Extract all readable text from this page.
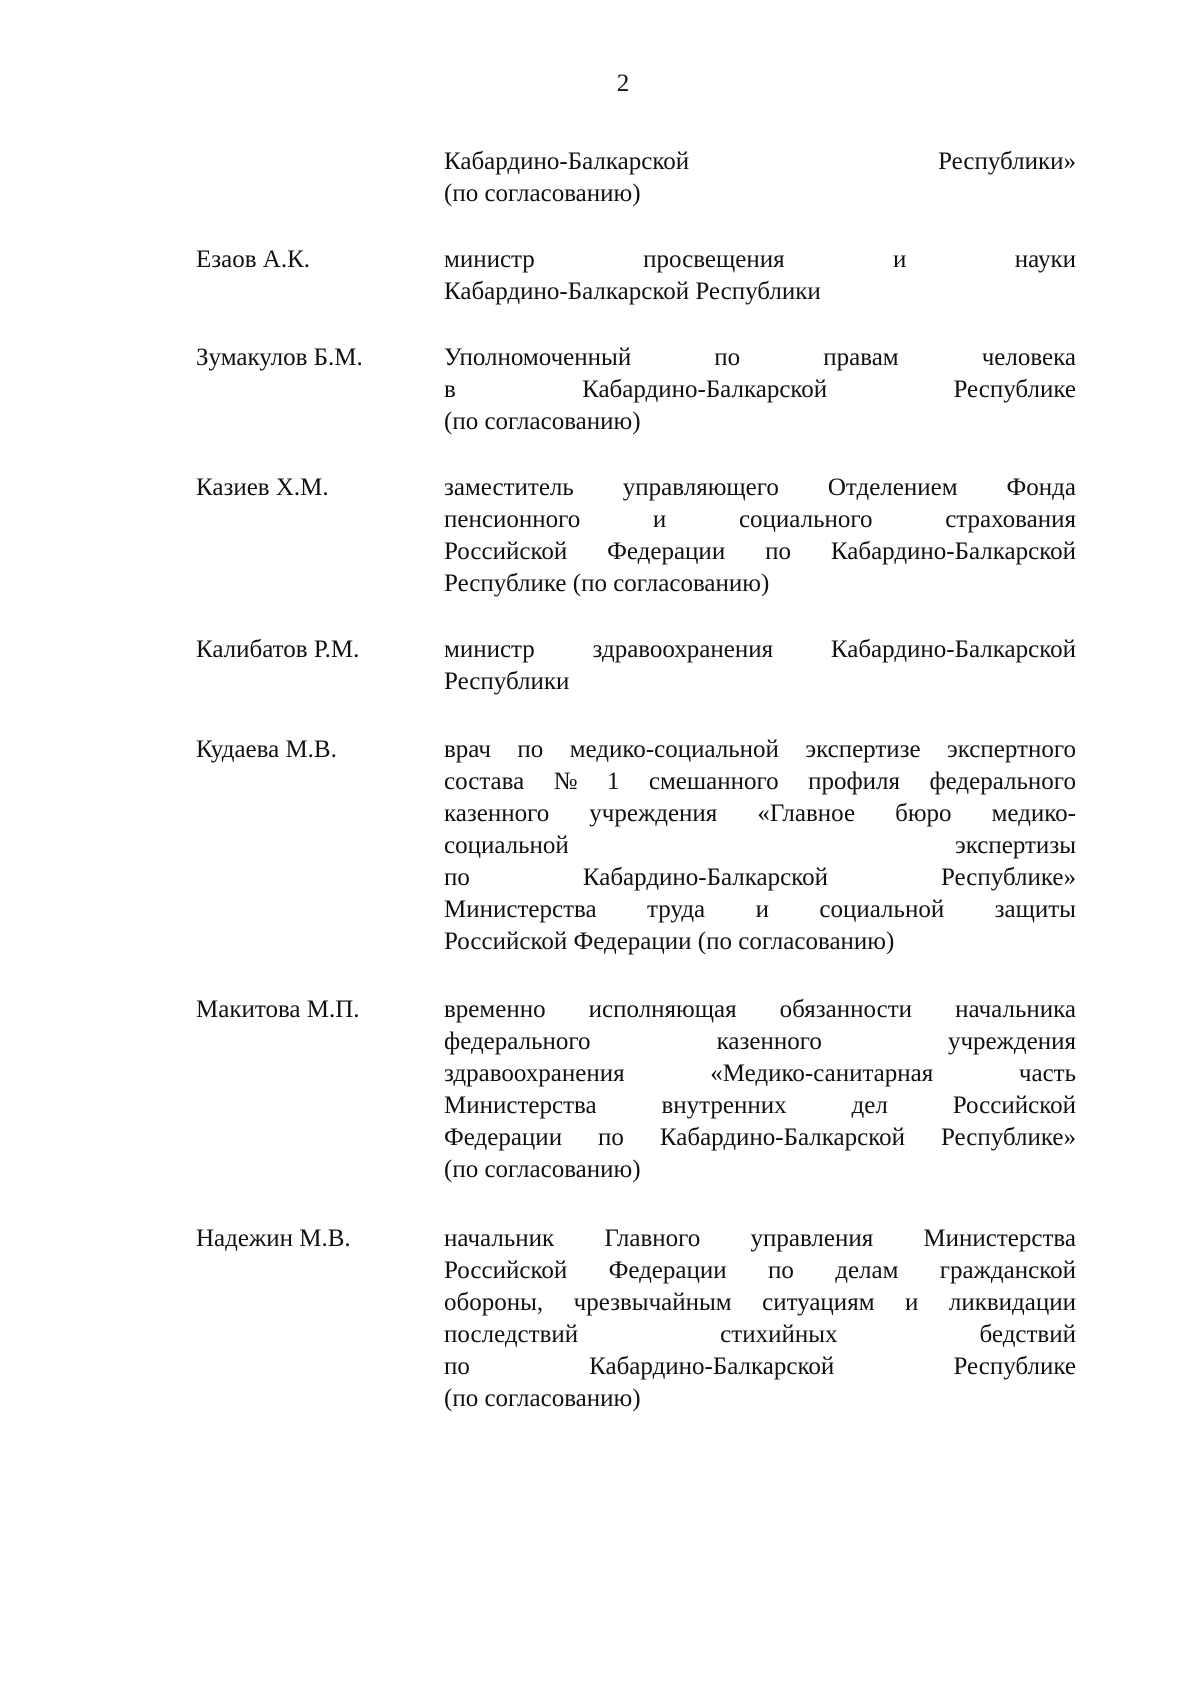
2
Кабардино-Балкарской	Республики»
(по согласованию)
Езаов А.К.	министр	просвещения	и	науки
Кабардино-Балкарской Республики
Зумакулов Б.М.	Уполномоченный	по	правам	человека
в	Кабардино-Балкарской	Республике
(по согласованию)
Казиев Х.М.	заместитель управляющего Отделением Фонда
пенсионного	и	социального	страхования
Российской Федерации по Кабардино-Балкарской
Республике (по согласованию)
Калибатов Р.М.	министр здравоохранения Кабардино-Балкарской
Республики
Кудаева М.В.	врач по медико-социальной экспертизе экспертного
состава № 1 смешанного профиля федерального
казенного учреждения «Главное бюро медико-
социальной	экспертизы
по	Кабардино-Балкарской	Республике»
Министерства труда и социальной защиты
Российской Федерации (по согласованию)
Макитова М.П.	временно исполняющая обязанности начальника
федерального	казенного	учреждения
здравоохранения	«Медико-санитарная	часть
Министерства	внутренних	дел	Российской
Федерации по Кабардино-Балкарской Республике»
(по согласованию)
Надежин М.В.	начальник Главного управления Министерства
Российской Федерации по делам гражданской
обороны, чрезвычайным ситуациям и ликвидации
последствий	стихийных	бедствий
по	Кабардино-Балкарской	Республике
(по согласованию)
